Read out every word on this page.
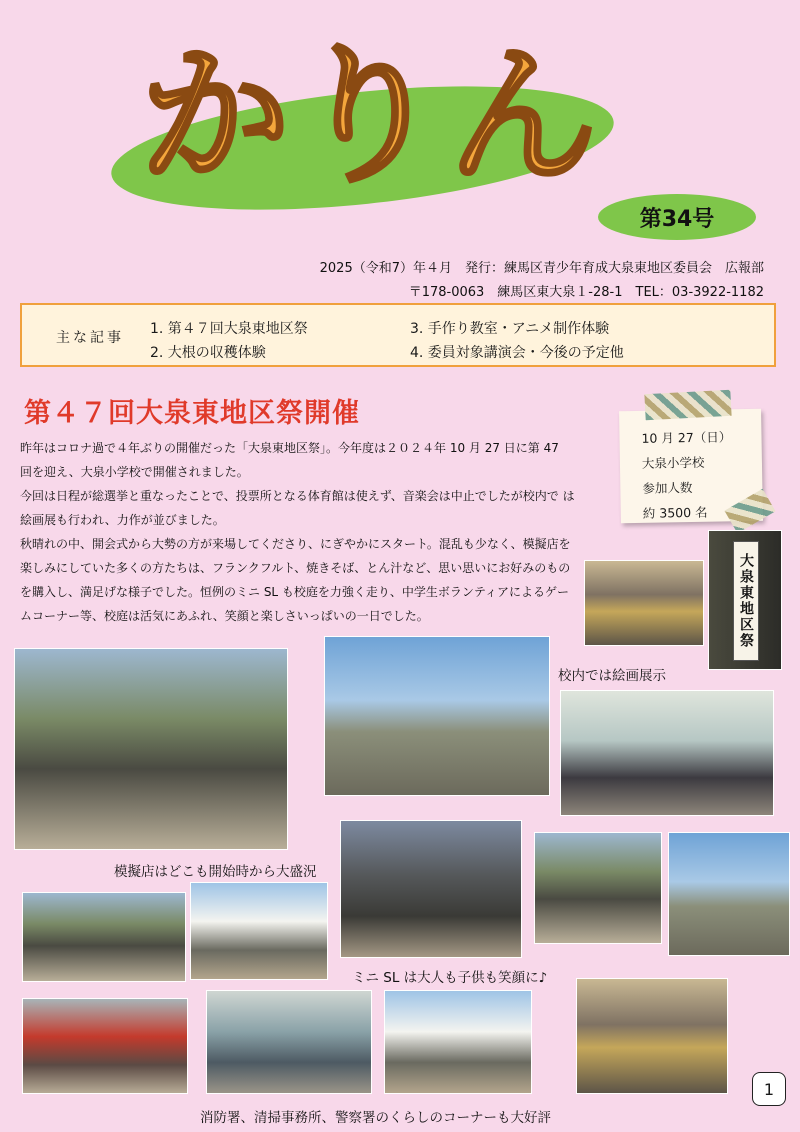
かりん
第34号
2025（令和7）年４月　発行：練馬区青少年育成大泉東地区委員会　広報部
〒178-0063　練馬区東大泉１-28-1　TEL：03-3922-1182
主な記事
1. 第４７回大泉東地区祭
2. 大根の収穫体験
3. 手作り教室・アニメ制作体験
4. 委員対象講演会・今後の予定他
第４７回大泉東地区祭開催
昨年はコロナ過で４年ぶりの開催だった「大泉東地区祭」。今年度は２０２４年 10 月 27 日に第 47
回を迎え、大泉小学校で開催されました。
今回は日程が総選挙と重なったことで、投票所となる体育館は使えず、音楽会は中止でしたが校内で は
絵画展も行われ、力作が並びました。
秋晴れの中、開会式から大勢の方が来場してくださり、にぎやかにスタート。混乱も少なく、模擬店を
楽しみにしていた多くの方たちは、フランクフルト、焼きそば、とん汁など、思い思いにお好みのもの
を購入し、満足げな様子でした。恒例のミニ SL も校庭を力強く走り、中学生ボランティアによるゲー
ムコーナー等、校庭は活気にあふれ、笑顔と楽しさいっぱいの一日でした。
10 月 27（日）
大泉小学校
参加人数
約 3500 名
大泉東地区祭
校内では絵画展示
模擬店はどこも開始時から大盛況
ミニ SL は大人も子供も笑顔に♪
消防署、清掃事務所、警察署のくらしのコーナーも大好評
1
